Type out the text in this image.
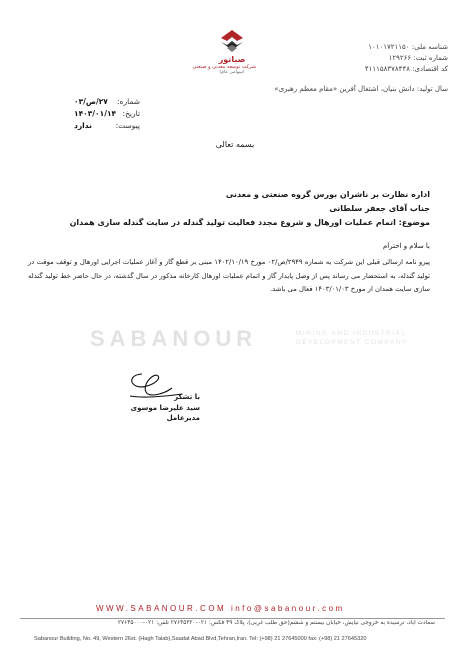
شناسه ملی: ۱۰۱۰۱۷۲۱۱۵۰
شماره ثبت: ۱۲۹۲۶۶
کد اقتصادی: ۴۱۱۱۵۸۳۷۸۴۴۸
سال تولید: دانش بنیان، اشتغال آفرین «مقام معظم رهبری»
صبانور
شرکت توسعه معدنی و صنعتی
(سهامی عام)
شماره:
۲۷/ص/۰۳
تاریخ:
۱۴۰۳/۰۱/۱۴
پیوست:
ندارد
بسمه تعالی
اداره نظارت بر ناشران بورس گروه صنعتی و معدنی
جناب آقای جعفر سلطانی
موضوع: اتمام عملیات اورهال و شروع مجدد فعالیت تولید گندله در سایت گندله سازی همدان
با سلام و احترام
پیرو نامه ارسالی قبلی این شرکت به شماره ۲۹۴۹/ص/۰۲ مورخ ۱۴۰۲/۱۰/۱۹ مبنی بر قطع گاز و آغاز عملیات اجرایی اورهال و توقف موقت در تولید گندله، به استحضار می رساند پس از وصل پایدار گاز و اتمام عملیات اورهال کارخانه مذکور در سال گذشته، در حال حاضر خط تولید گندله سازی سایت همدان از مورخ ۱۴۰۳/۰۱/۰۳ فعال می باشد.
SABANOUR	MINING AND INDUSTRIAL
DEVELOPMENT COMPANY
با تشکر
سید علیرضا موسوی
مدیرعامل
WWW.SABANOUR.COM info@sabanour.com
سعادت آباد، ترسیده به خروجی نیایش، خیابان بیستم و ششم(حق طلب غربی)، پلاک ۴۹ فکس: ۰۲۱-۲۷۶۴۵۳۲۰ تلفن: ۰۲۱-۲۷۶۴۵۰۰۰
Sabanour Building, No. 49, Western 26st. (Hagh Talab),Saadat Abad Blvd,Tehran,Iran. Tel: (+98) 21 27645000 fax: (+98) 21 27645320
